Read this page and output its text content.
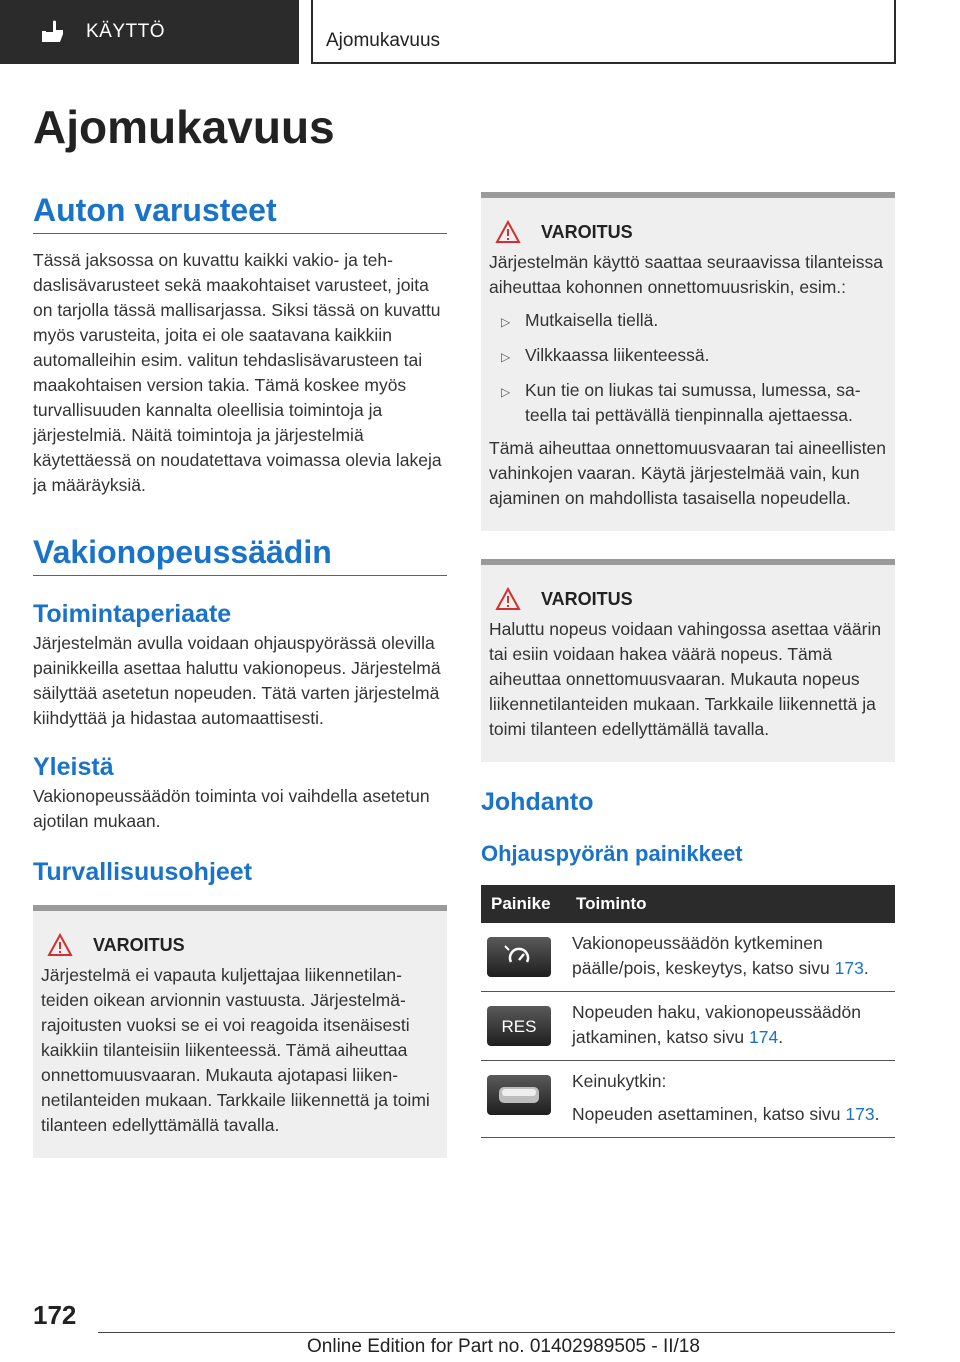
KÄYTTÖ	Ajomukavuus
Ajomukavuus
Auton varusteet
Tässä jaksossa on kuvattu kaikki vakio- ja tehdaslisävarusteet sekä maakohtaiset varusteet, joita on tarjolla tässä mallisarjassa. Siksi tässä on kuvattu myös varusteita, joita ei ole saatavana kaikkiin automalleihin esim. valitun tehdaslisävarusteen tai maakohtaisen version takia. Tämä koskee myös turvallisuuden kannalta oleellisia toimintoja ja järjestelmiä. Näitä toimintoja ja järjestelmiä käytettäessä on noudatettava voimassa olevia lakeja ja määräyksiä.
Vakionopeussäädin
Toimintaperiaate
Järjestelmän avulla voidaan ohjauspyörässä olevilla painikkeilla asettaa haluttu vakionopeus. Järjestelmä säilyttää asetetun nopeuden. Tätä varten järjestelmä kiihdyttää ja hidastaa automaattisesti.
Yleistä
Vakionopeussäädön toiminta voi vaihdella asetetun ajotilan mukaan.
Turvallisuusohjeet
VAROITUS
Järjestelmä ei vapauta kuljettajaa liikennetilanteiden oikean arvionnin vastuusta. Järjestelmärajoitusten vuoksi se ei voi reagoida itsenäisesti kaikkiin tilanteisiin liikenteessä. Tämä aiheuttaa onnettomuusvaaran. Mukauta ajotapasi liikennetilanteiden mukaan. Tarkkaile liikennettä ja toimi tilanteen edellyttämällä tavalla.
VAROITUS
Järjestelmän käyttö saattaa seuraavissa tilanteissa aiheuttaa kohonnen onnettomuusriskin, esim.:
▷ Mutkaisella tiellä.
▷ Vilkkaassa liikenteessä.
▷ Kun tie on liukas tai sumussa, lumessa, sateella tai pettävällä tienpinnalla ajettaessa.
Tämä aiheuttaa onnettomuusvaaran tai aineellisten vahinkojen vaaran. Käytä järjestelmää vain, kun ajaminen on mahdollista tasaisella nopeudella.
VAROITUS
Haluttu nopeus voidaan vahingossa asettaa väärin tai esiin voidaan hakea väärä nopeus. Tämä aiheuttaa onnettomuusvaaran. Mukauta nopeus liikennetilanteiden mukaan. Tarkkaile liikennettä ja toimi tilanteen edellyttämällä tavalla.
Johdanto
Ohjauspyörän painikkeet
Painike	Toiminto

	Vakionopeussäädön kytkeminen päälle/pois, keskeytys, katso sivu 173.

RES	Nopeuden haku, vakionopeussäädön jatkaminen, katso sivu 174.

Keinukytkin:
Nopeuden asettaminen, katso sivu 173.
172
Online Edition for Part no. 01402989505 - II/18
